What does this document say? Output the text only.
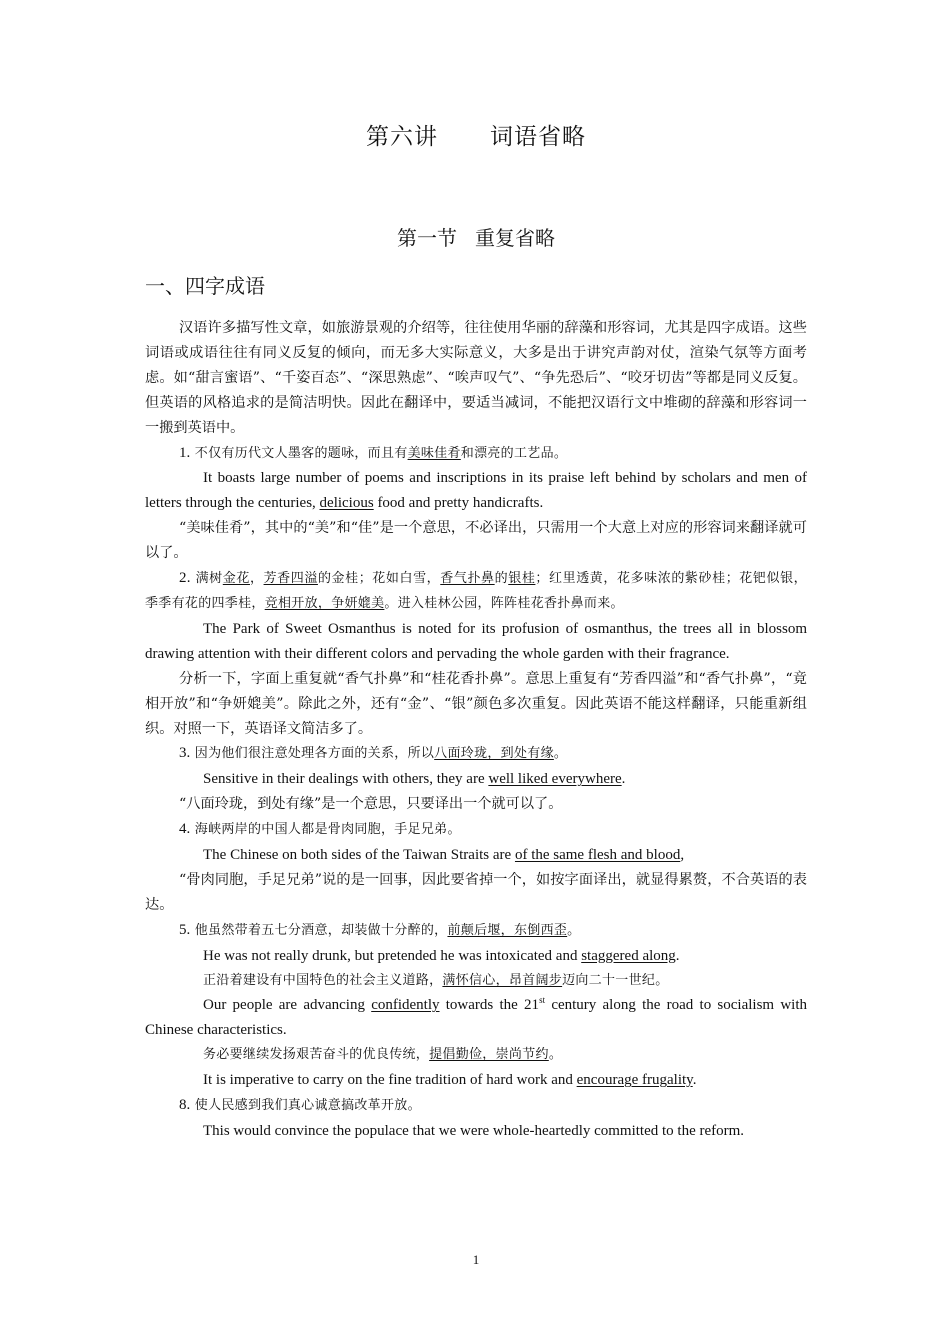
第六讲 词语省略
第一节 重复省略
一、四字成语

汉语许多描写性文章，如旅游景观的介绍等，往往使用华丽的辞藻和形容词，尤其是四字成语。这些词语或成语往往有同义反复的倾向，而无多大实际意义，大多是出于讲究声韵对仗，渲染气氛等方面考虑。如“甜言蜜语”、“千姿百态”、“深思熟虑”、“唉声叹气”、“争先恐后”、“咬牙切齿”等都是同义反复。但英语的风格追求的是简洁明快。因此在翻译中，要适当减词，不能把汉语行文中堆砌的辞藻和形容词一一搬到英语中。

1. 不仅有历代文人墨客的题咏，而且有美味佳肴和漂亮的工艺品。

It boasts large number of poems and inscriptions in its praise left behind by scholars and men of letters through the centuries, delicious food and pretty handicrafts.

“美味佳肴”，其中的“美”和“佳”是一个意思，不必译出，只需用一个大意上对应的形容词来翻译就可以了。

2. 满树金花，芳香四溢的金桂；花如白雪，香气扑鼻的银桂；红里透黄，花多味浓的紫砂桂；花钯似银，季季有花的四季桂，竞相开放，争妍媲美。进入桂林公园，阵阵桂花香扑鼻而来。

The Park of Sweet Osmanthus is noted for its profusion of osmanthus, the trees all in blossom drawing attention with their different colors and pervading the whole garden with their fragrance.

分析一下，字面上重复就“香气扑鼻”和“桂花香扑鼻”。意思上重复有“芳香四溢”和“香气扑鼻”，“竟相开放”和“争妍媲美”。除此之外，还有“金”、“银”颜色多次重复。因此英语不能这样翻译，只能重新组织。对照一下，英语译文简洁多了。

3. 因为他们很注意处理各方面的关系，所以八面玲珑，到处有缘。

Sensitive in their dealings with others, they are well liked everywhere.

“八面玲珑，到处有缘”是一个意思，只要译出一个就可以了。

4. 海峡两岸的中国人都是骨肉同胞，手足兄弟。

The Chinese on both sides of the Taiwan Straits are of the same flesh and blood,

“骨肉同胞，手足兄弟”说的是一回事，因此要省掉一个，如按字面译出，就显得累赘，不合英语的表达。

5. 他虽然带着五七分酒意，却装做十分醉的，前颠后堰，东倒西歪。

He was not really drunk, but pretended he was intoxicated and staggered along.

正沿着建设有中国特色的社会主义道路，满怀信心，昂首阔步迈向二十一世纪。

Our people are advancing confidently towards the 21st century along the road to socialism with Chinese characteristics.

务必要继续发扬艰苦奋斗的优良传统，提倡勤俭，崇尚节约。

It is imperative to carry on the fine tradition of hard work and encourage frugality.

8. 使人民感到我们真心诚意搞改革开放。

This would convince the populace that we were whole-heartedly committed to the reform.

1
